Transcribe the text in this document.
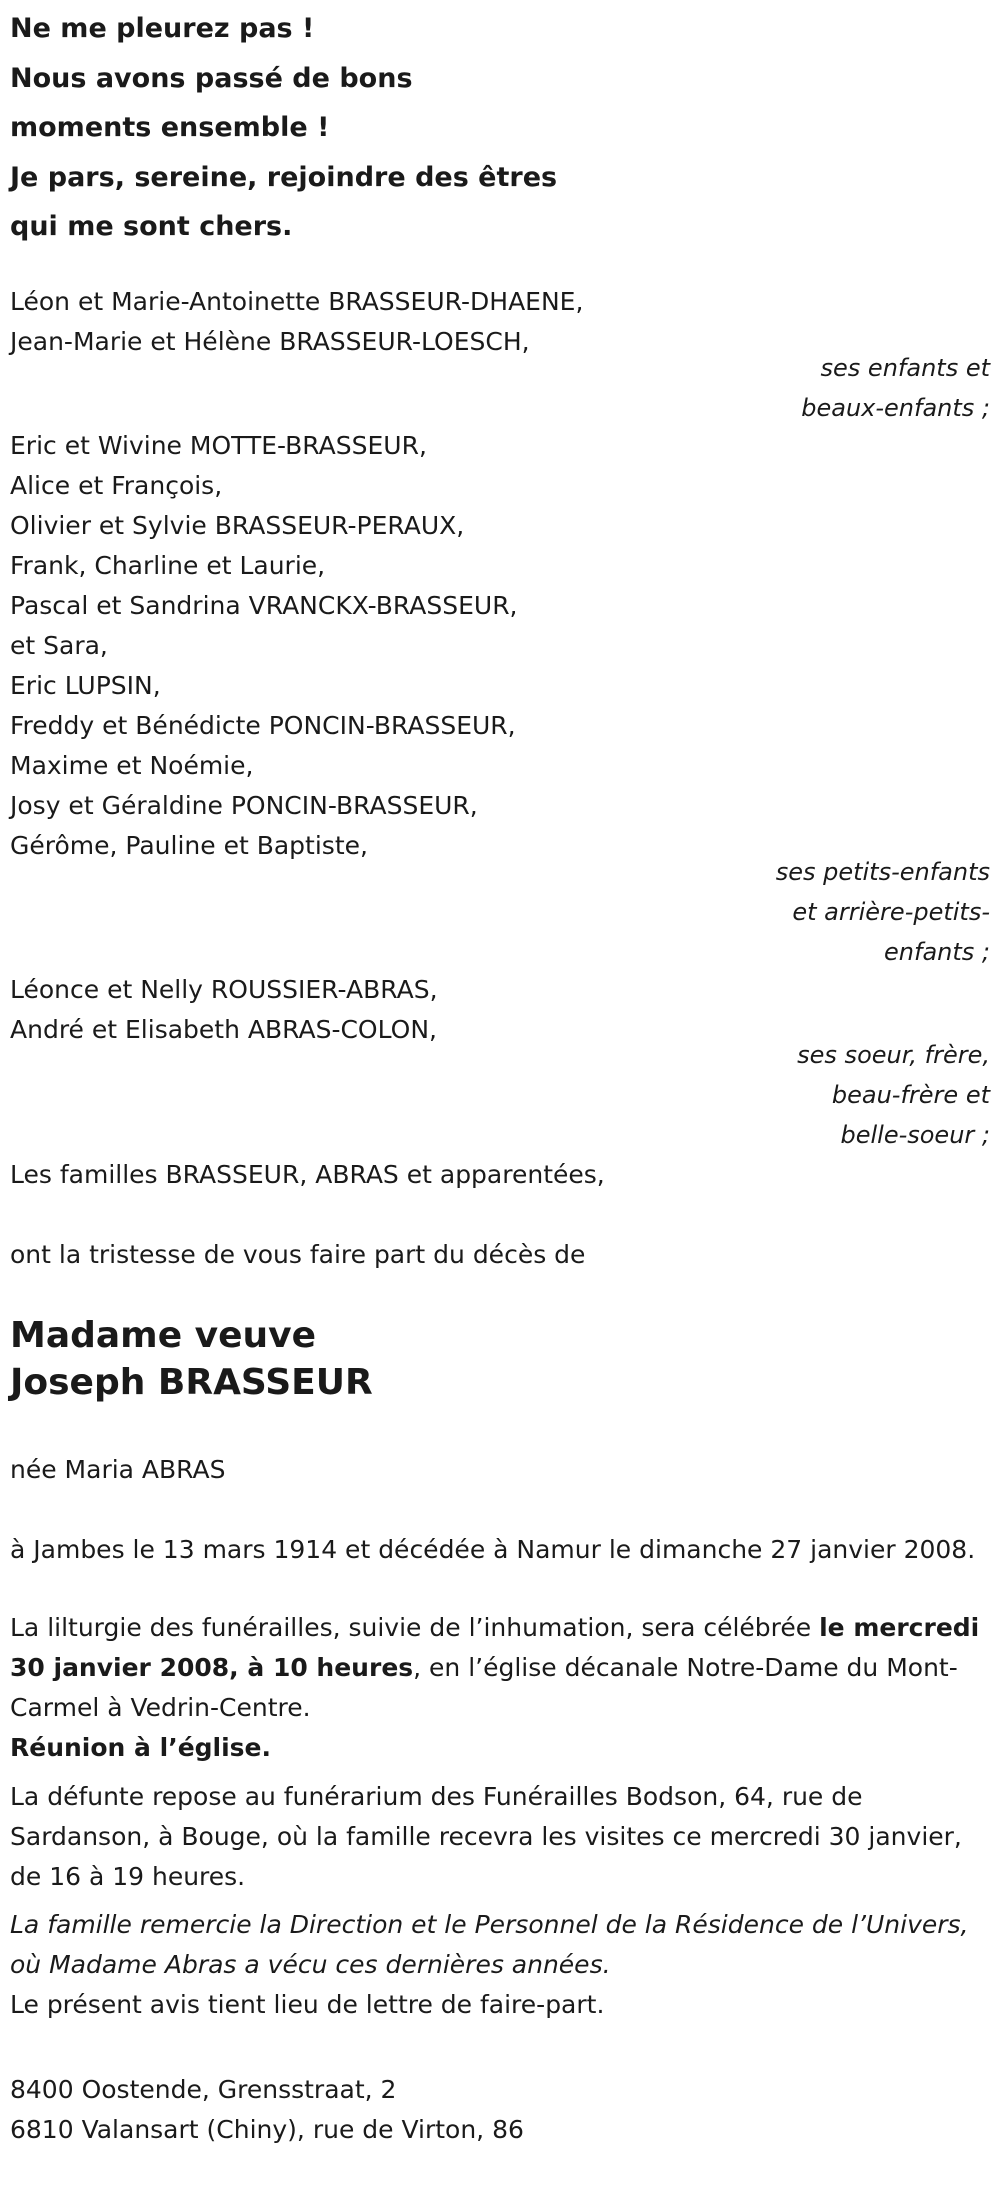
Ne me pleurez pas !
Nous avons passé de bons
moments ensemble !
Je pars, sereine, rejoindre des êtres
qui me sont chers.
Léon et Marie-Antoinette BRASSEUR-DHAENE,
Jean-Marie et Hélène BRASSEUR-LOESCH,
ses enfants et
beaux-enfants ;
Eric et Wivine MOTTE-BRASSEUR,
Alice et François,
Olivier et Sylvie BRASSEUR-PERAUX,
Frank, Charline et Laurie,
Pascal et Sandrina VRANCKX-BRASSEUR,
et Sara,
Eric LUPSIN,
Freddy et Bénédicte PONCIN-BRASSEUR,
Maxime et Noémie,
Josy et Géraldine PONCIN-BRASSEUR,
Gérôme, Pauline et Baptiste,
ses petits-enfants
et arrière-petits-
enfants ;
Léonce et Nelly ROUSSIER-ABRAS,
André et Elisabeth ABRAS-COLON,
ses soeur, frère,
beau-frère et
belle-soeur ;
Les familles BRASSEUR, ABRAS et apparentées,
ont la tristesse de vous faire part du décès de
Madame veuve
Joseph BRASSEUR
née Maria ABRAS
à Jambes le 13 mars 1914 et décédée à Namur le dimanche 27 janvier 2008.
La lilturgie des funérailles, suivie de l’inhumation, sera célébrée le mercredi 30 janvier 2008, à 10 heures, en l’église décanale Notre-Dame du Mont-Carmel à Vedrin-Centre.
Réunion à l’église.
La défunte repose au funérarium des Funérailles Bodson, 64, rue de Sardanson, à Bouge, où la famille recevra les visites ce mercredi 30 janvier, de 16 à 19 heures.
La famille remercie la Direction et le Personnel de la Résidence de l’Univers, où Madame Abras a vécu ces dernières années.
Le présent avis tient lieu de lettre de faire-part.
8400 Oostende, Grensstraat, 2
6810 Valansart (Chiny), rue de Virton, 86
